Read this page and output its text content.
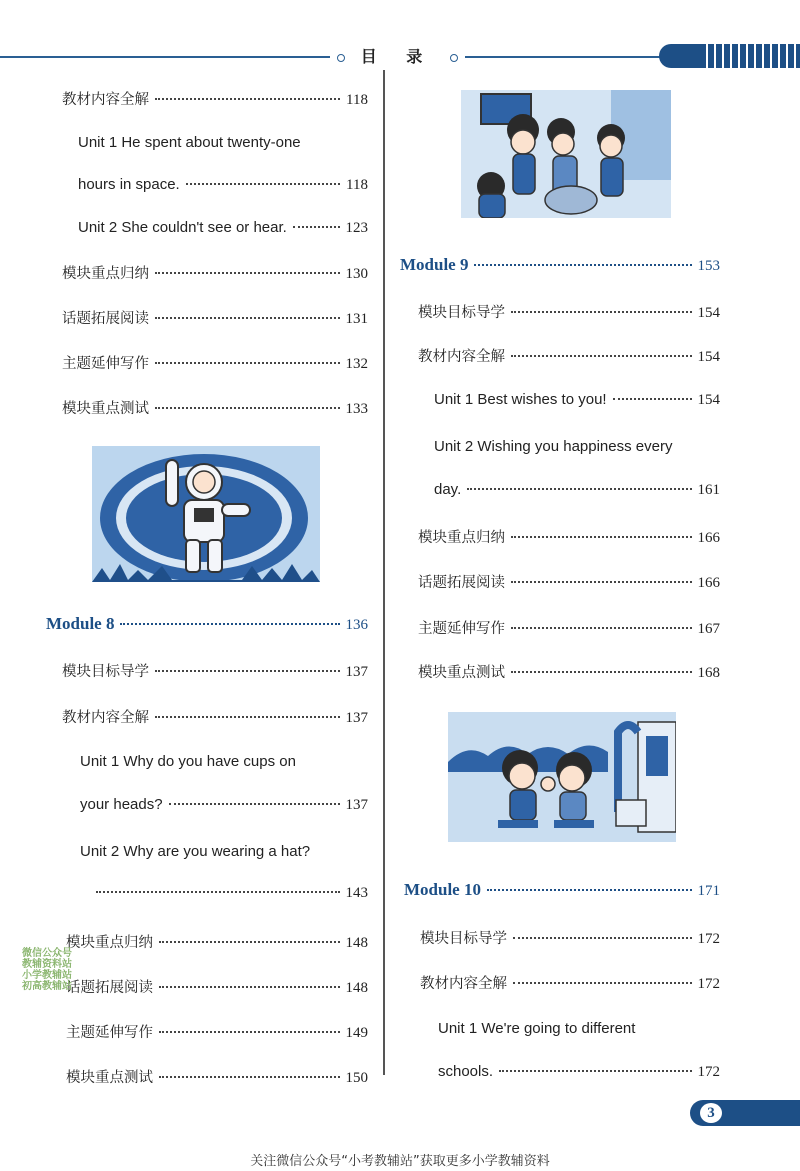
目 录
教材内容全解	118
Unit 1 He spent about twenty-one
hours in space.	118
Unit 2 She couldn't see or hear.	123
模块重点归纳	130
话题拓展阅读	131
主题延伸写作	132
模块重点测试	133
Module 8	136
模块目标导学	137
教材内容全解	137
Unit 1 Why do you have cups on
your heads?	137
Unit 2 Why are you wearing a hat?
143
模块重点归纳	148
话题拓展阅读	148
主题延伸写作	149
模块重点测试	150
微信公众号
教辅资料站
小学教辅站
初高教辅站
Module 9	153
模块目标导学	154
教材内容全解	154
Unit 1 Best wishes to you!	154
Unit 2 Wishing you happiness every
day.	161
模块重点归纳	166
话题拓展阅读	166
主题延伸写作	167
模块重点测试	168
Module 10	171
模块目标导学	172
教材内容全解	172
Unit 1 We're going to different
schools.	172
3
关注微信公众号“小考教辅站”获取更多小学教辅资料
